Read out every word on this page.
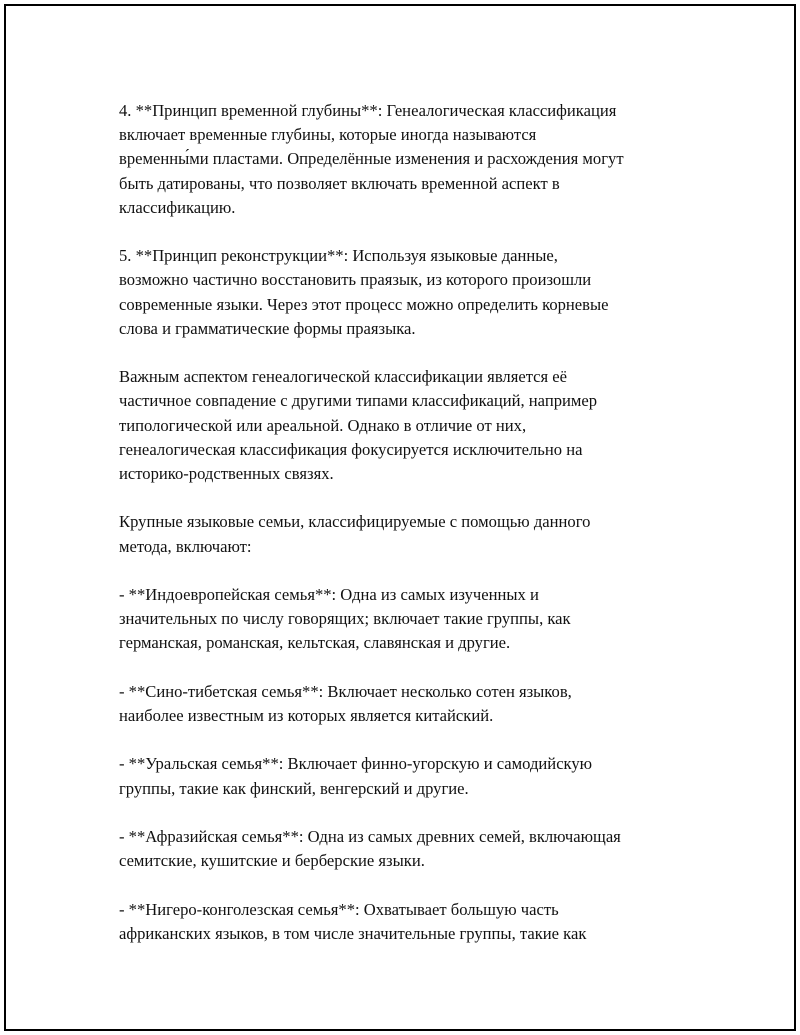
4. **Принцип временной глубины**: Генеалогическая классификация
включает временные глубины, которые иногда называются
временны́ми пластами. Определённые изменения и расхождения могут
быть датированы, что позволяет включать временной аспект в
классификацию.

5. **Принцип реконструкции**: Используя языковые данные,
возможно частично восстановить праязык, из которого произошли
современные языки. Через этот процесс можно определить корневые
слова и грамматические формы праязыка.

Важным аспектом генеалогической классификации является её
частичное совпадение с другими типами классификаций, например
типологической или ареальной. Однако в отличие от них,
генеалогическая классификация фокусируется исключительно на
историко-родственных связях.

Крупные языковые семьи, классифицируемые с помощью данного
метода, включают:

- **Индоевропейская семья**: Одна из самых изученных и
значительных по числу говорящих; включает такие группы, как
германская, романская, кельтская, славянская и другие.

- **Сино-тибетская семья**: Включает несколько сотен языков,
наиболее известным из которых является китайский.

- **Уральская семья**: Включает финно-угорскую и самодийскую
группы, такие как финский, венгерский и другие.

- **Афразийская семья**: Одна из самых древних семей, включающая
семитские, кушитские и берберские языки.

- **Нигеро-конголезская семья**: Охватывает большую часть
африканских языков, в том числе значительные группы, такие как
